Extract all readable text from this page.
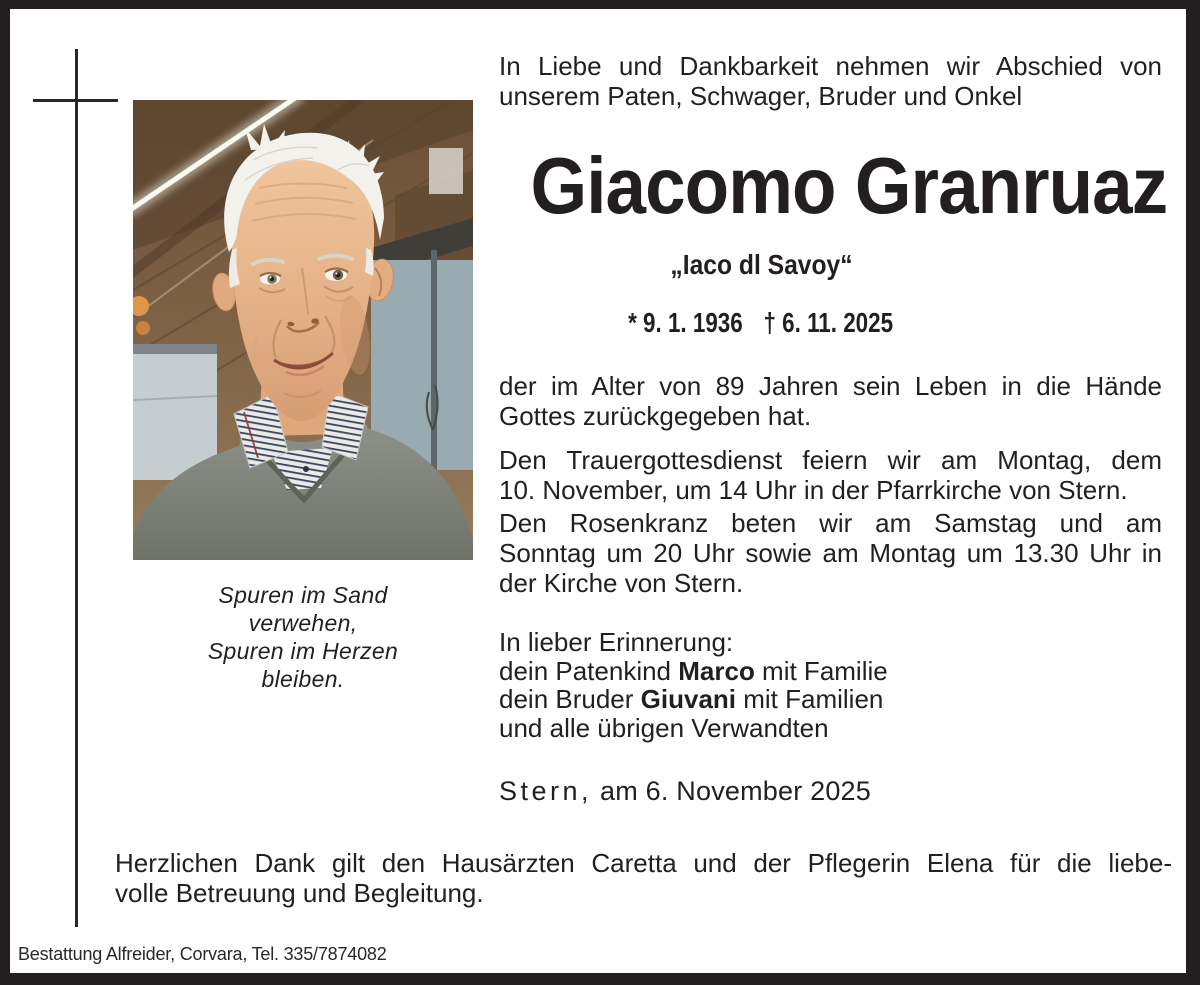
Spuren im Sand
verwehen,
Spuren im Herzen
bleiben.
In Liebe und Dankbarkeit nehmen wir Abschied von
unserem Paten, Schwager, Bruder und Onkel
Giacomo Granruaz
„Iaco dl Savoy“
* 9. 1. 1936 † 6. 11. 2025
der im Alter von 89 Jahren sein Leben in die Hände
Gottes zurückgegeben hat.
Den Trauergottesdienst feiern wir am Montag, dem
10. November, um 14 Uhr in der Pfarrkirche von Stern.
Den Rosenkranz beten wir am Samstag und am
Sonntag um 20 Uhr sowie am Montag um 13.30 Uhr in
der Kirche von Stern.
In lieber Erinnerung:
dein Patenkind Marco mit Familie
dein Bruder Giuvani mit Familien
und alle übrigen Verwandten
Stern, am 6. November 2025
Herzlichen Dank gilt den Hausärzten Caretta und der Pflegerin Elena für die liebe-
volle Betreuung und Begleitung.
Bestattung Alfreider, Corvara, Tel. 335/7874082
